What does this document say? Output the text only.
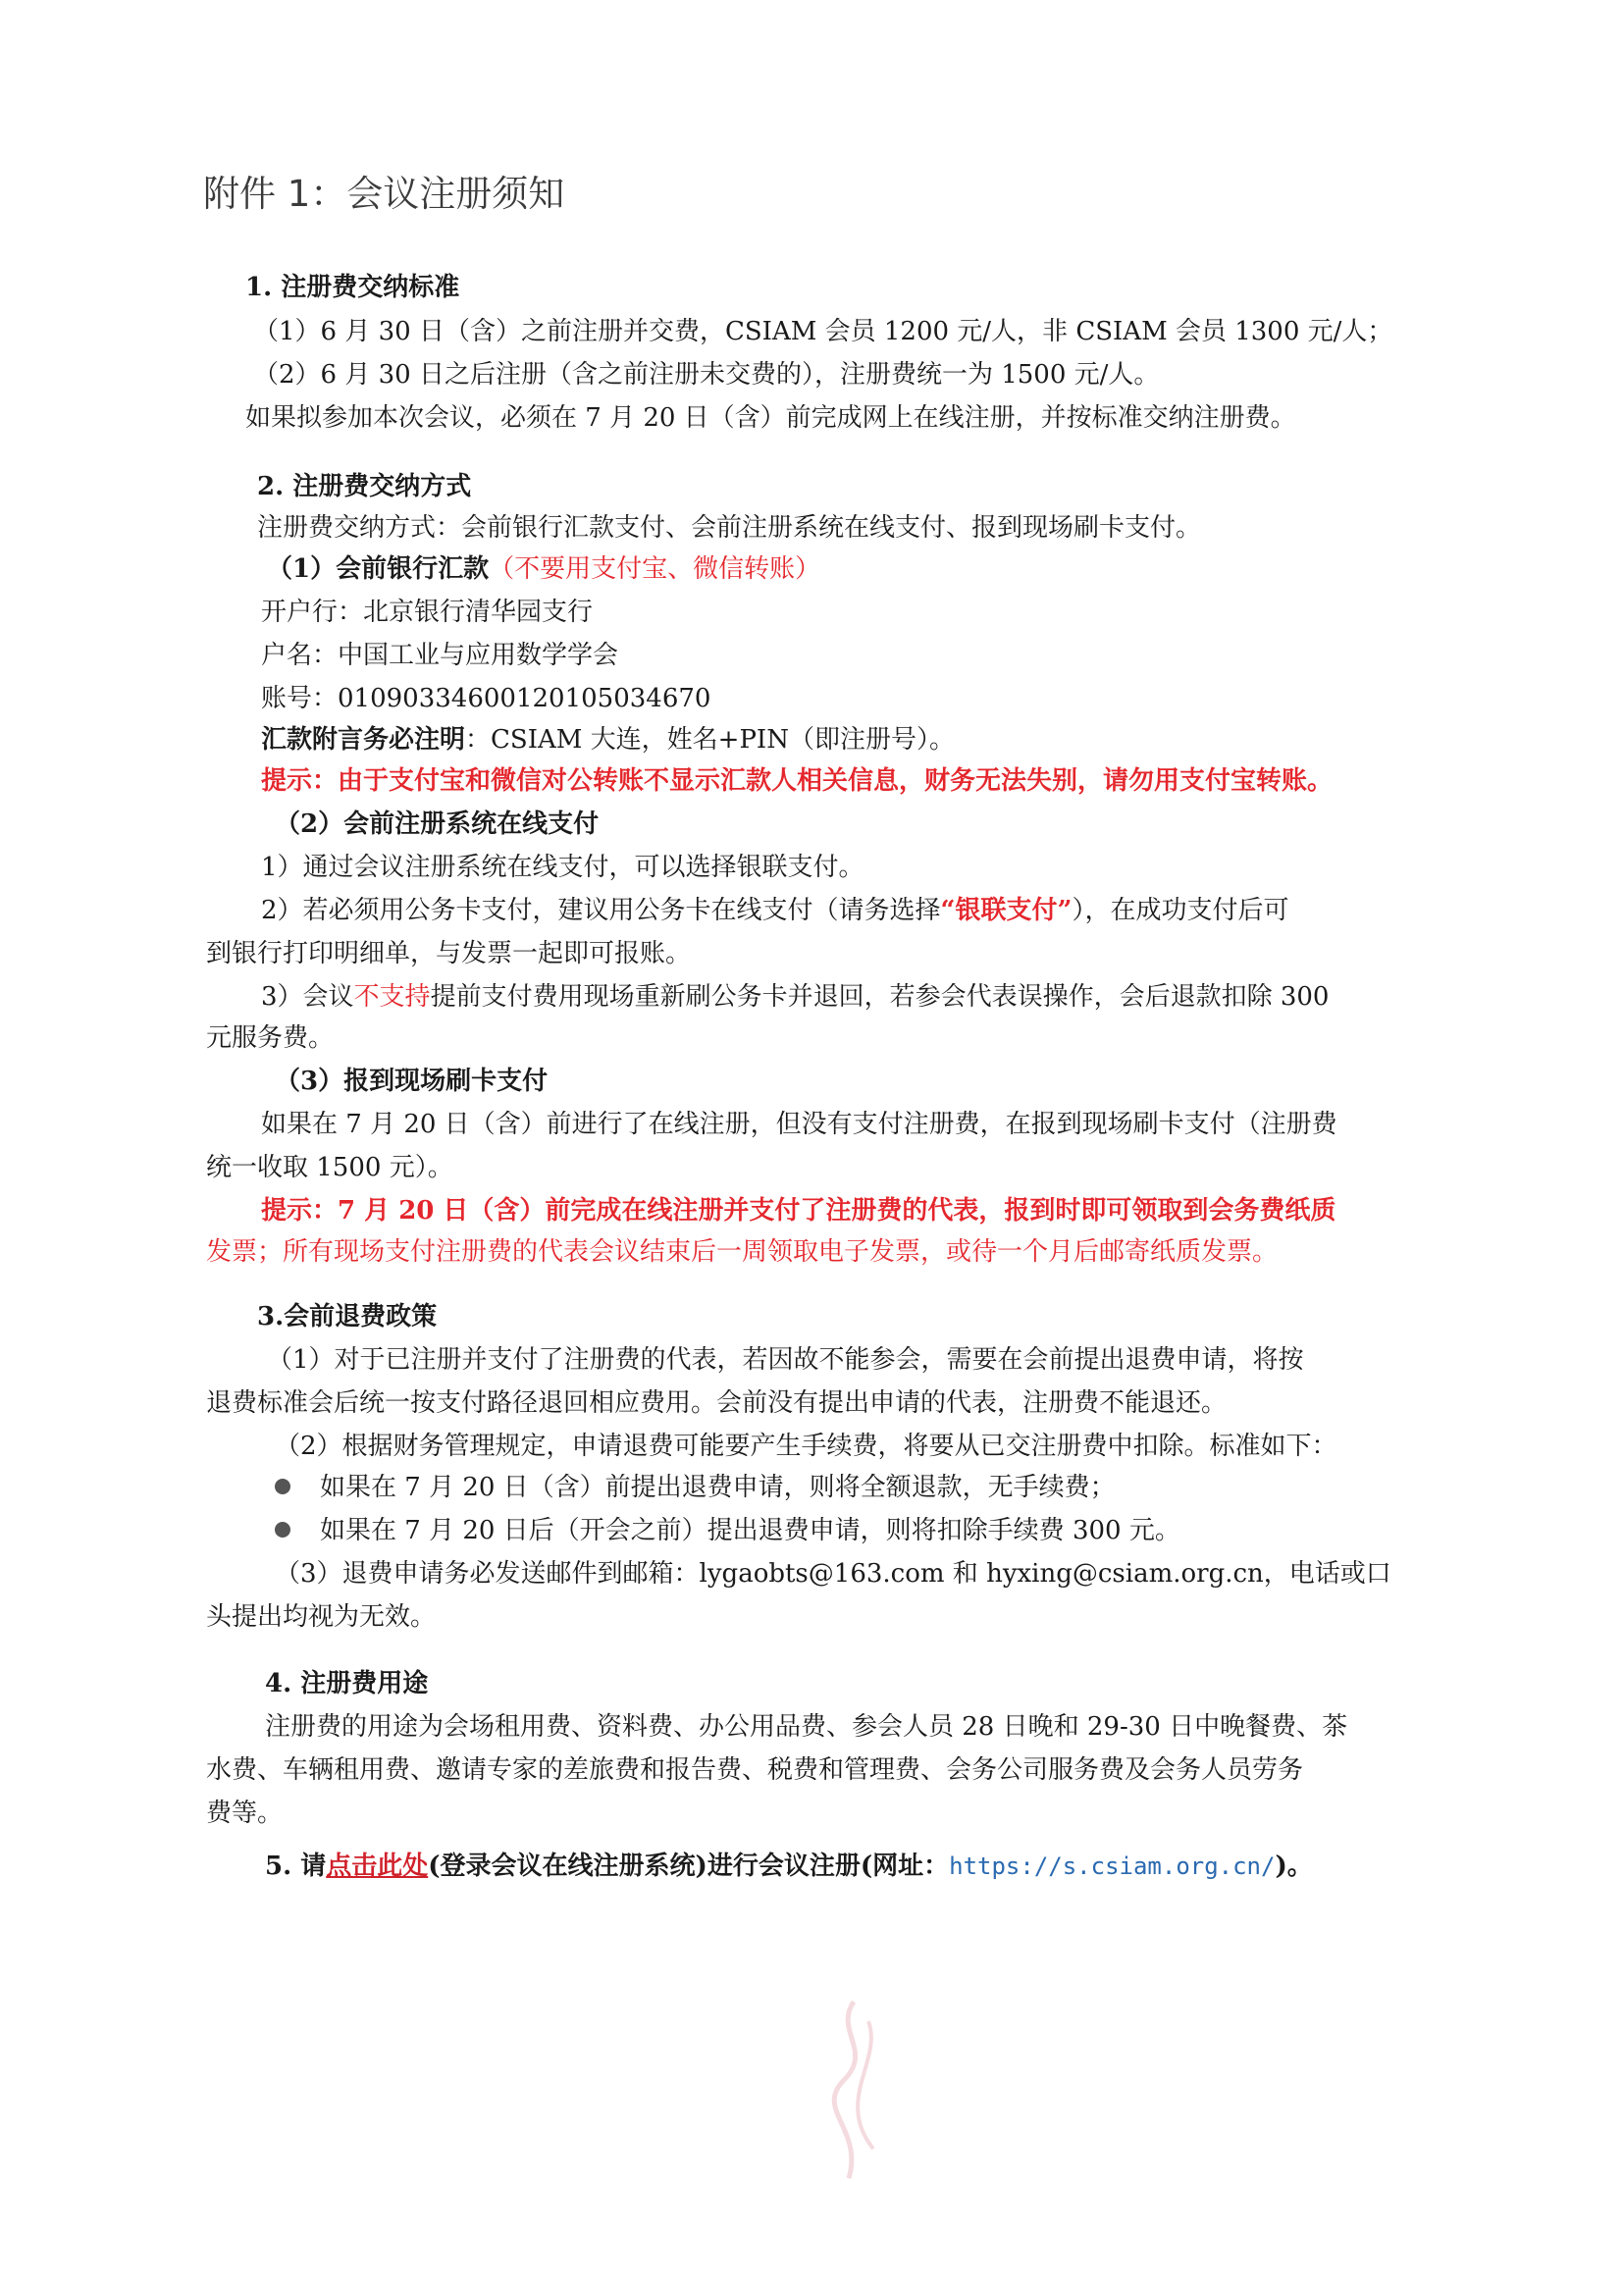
附件 1：会议注册须知
1. 注册费交纳标准
（1）6 月 30 日（含）之前注册并交费，CSIAM 会员 1200 元/人，非 CSIAM 会员 1300 元/人；
（2）6 月 30 日之后注册（含之前注册未交费的），注册费统一为 1500 元/人。
如果拟参加本次会议，必须在 7 月 20 日（含）前完成网上在线注册，并按标准交纳注册费。
2. 注册费交纳方式
注册费交纳方式：会前银行汇款支付、会前注册系统在线支付、报到现场刷卡支付。
（1）会前银行汇款（不要用支付宝、微信转账）
开户行：北京银行清华园支行
户名：中国工业与应用数学学会
账号：01090334600120105034670
汇款附言务必注明：CSIAM 大连，姓名+PIN（即注册号）。
提示：由于支付宝和微信对公转账不显示汇款人相关信息，财务无法失别，请勿用支付宝转账。
（2）会前注册系统在线支付
1）通过会议注册系统在线支付，可以选择银联支付。
2）若必须用公务卡支付，建议用公务卡在线支付（请务选择“银联支付”），在成功支付后可
到银行打印明细单，与发票一起即可报账。
3）会议不支持提前支付费用现场重新刷公务卡并退回，若参会代表误操作，会后退款扣除 300
元服务费。
（3）报到现场刷卡支付
如果在 7 月 20 日（含）前进行了在线注册，但没有支付注册费，在报到现场刷卡支付（注册费
统一收取 1500 元）。
提示：7 月 20 日（含）前完成在线注册并支付了注册费的代表，报到时即可领取到会务费纸质
发票；所有现场支付注册费的代表会议结束后一周领取电子发票，或待一个月后邮寄纸质发票。
3.会前退费政策
（1）对于已注册并支付了注册费的代表，若因故不能参会，需要在会前提出退费申请，将按
退费标准会后统一按支付路径退回相应费用。会前没有提出申请的代表，注册费不能退还。
（2）根据财务管理规定，申请退费可能要产生手续费，将要从已交注册费中扣除。标准如下：
如果在 7 月 20 日（含）前提出退费申请，则将全额退款，无手续费；
如果在 7 月 20 日后（开会之前）提出退费申请，则将扣除手续费 300 元。
（3）退费申请务必发送邮件到邮箱：lygaobts@163.com 和 hyxing@csiam.org.cn，电话或口
头提出均视为无效。
4. 注册费用途
注册费的用途为会场租用费、资料费、办公用品费、参会人员 28 日晚和 29-30 日中晚餐费、茶
水费、车辆租用费、邀请专家的差旅费和报告费、税费和管理费、会务公司服务费及会务人员劳务
费等。
5. 请点击此处(登录会议在线注册系统)进行会议注册(网址：https://s.csiam.org.cn/)。
